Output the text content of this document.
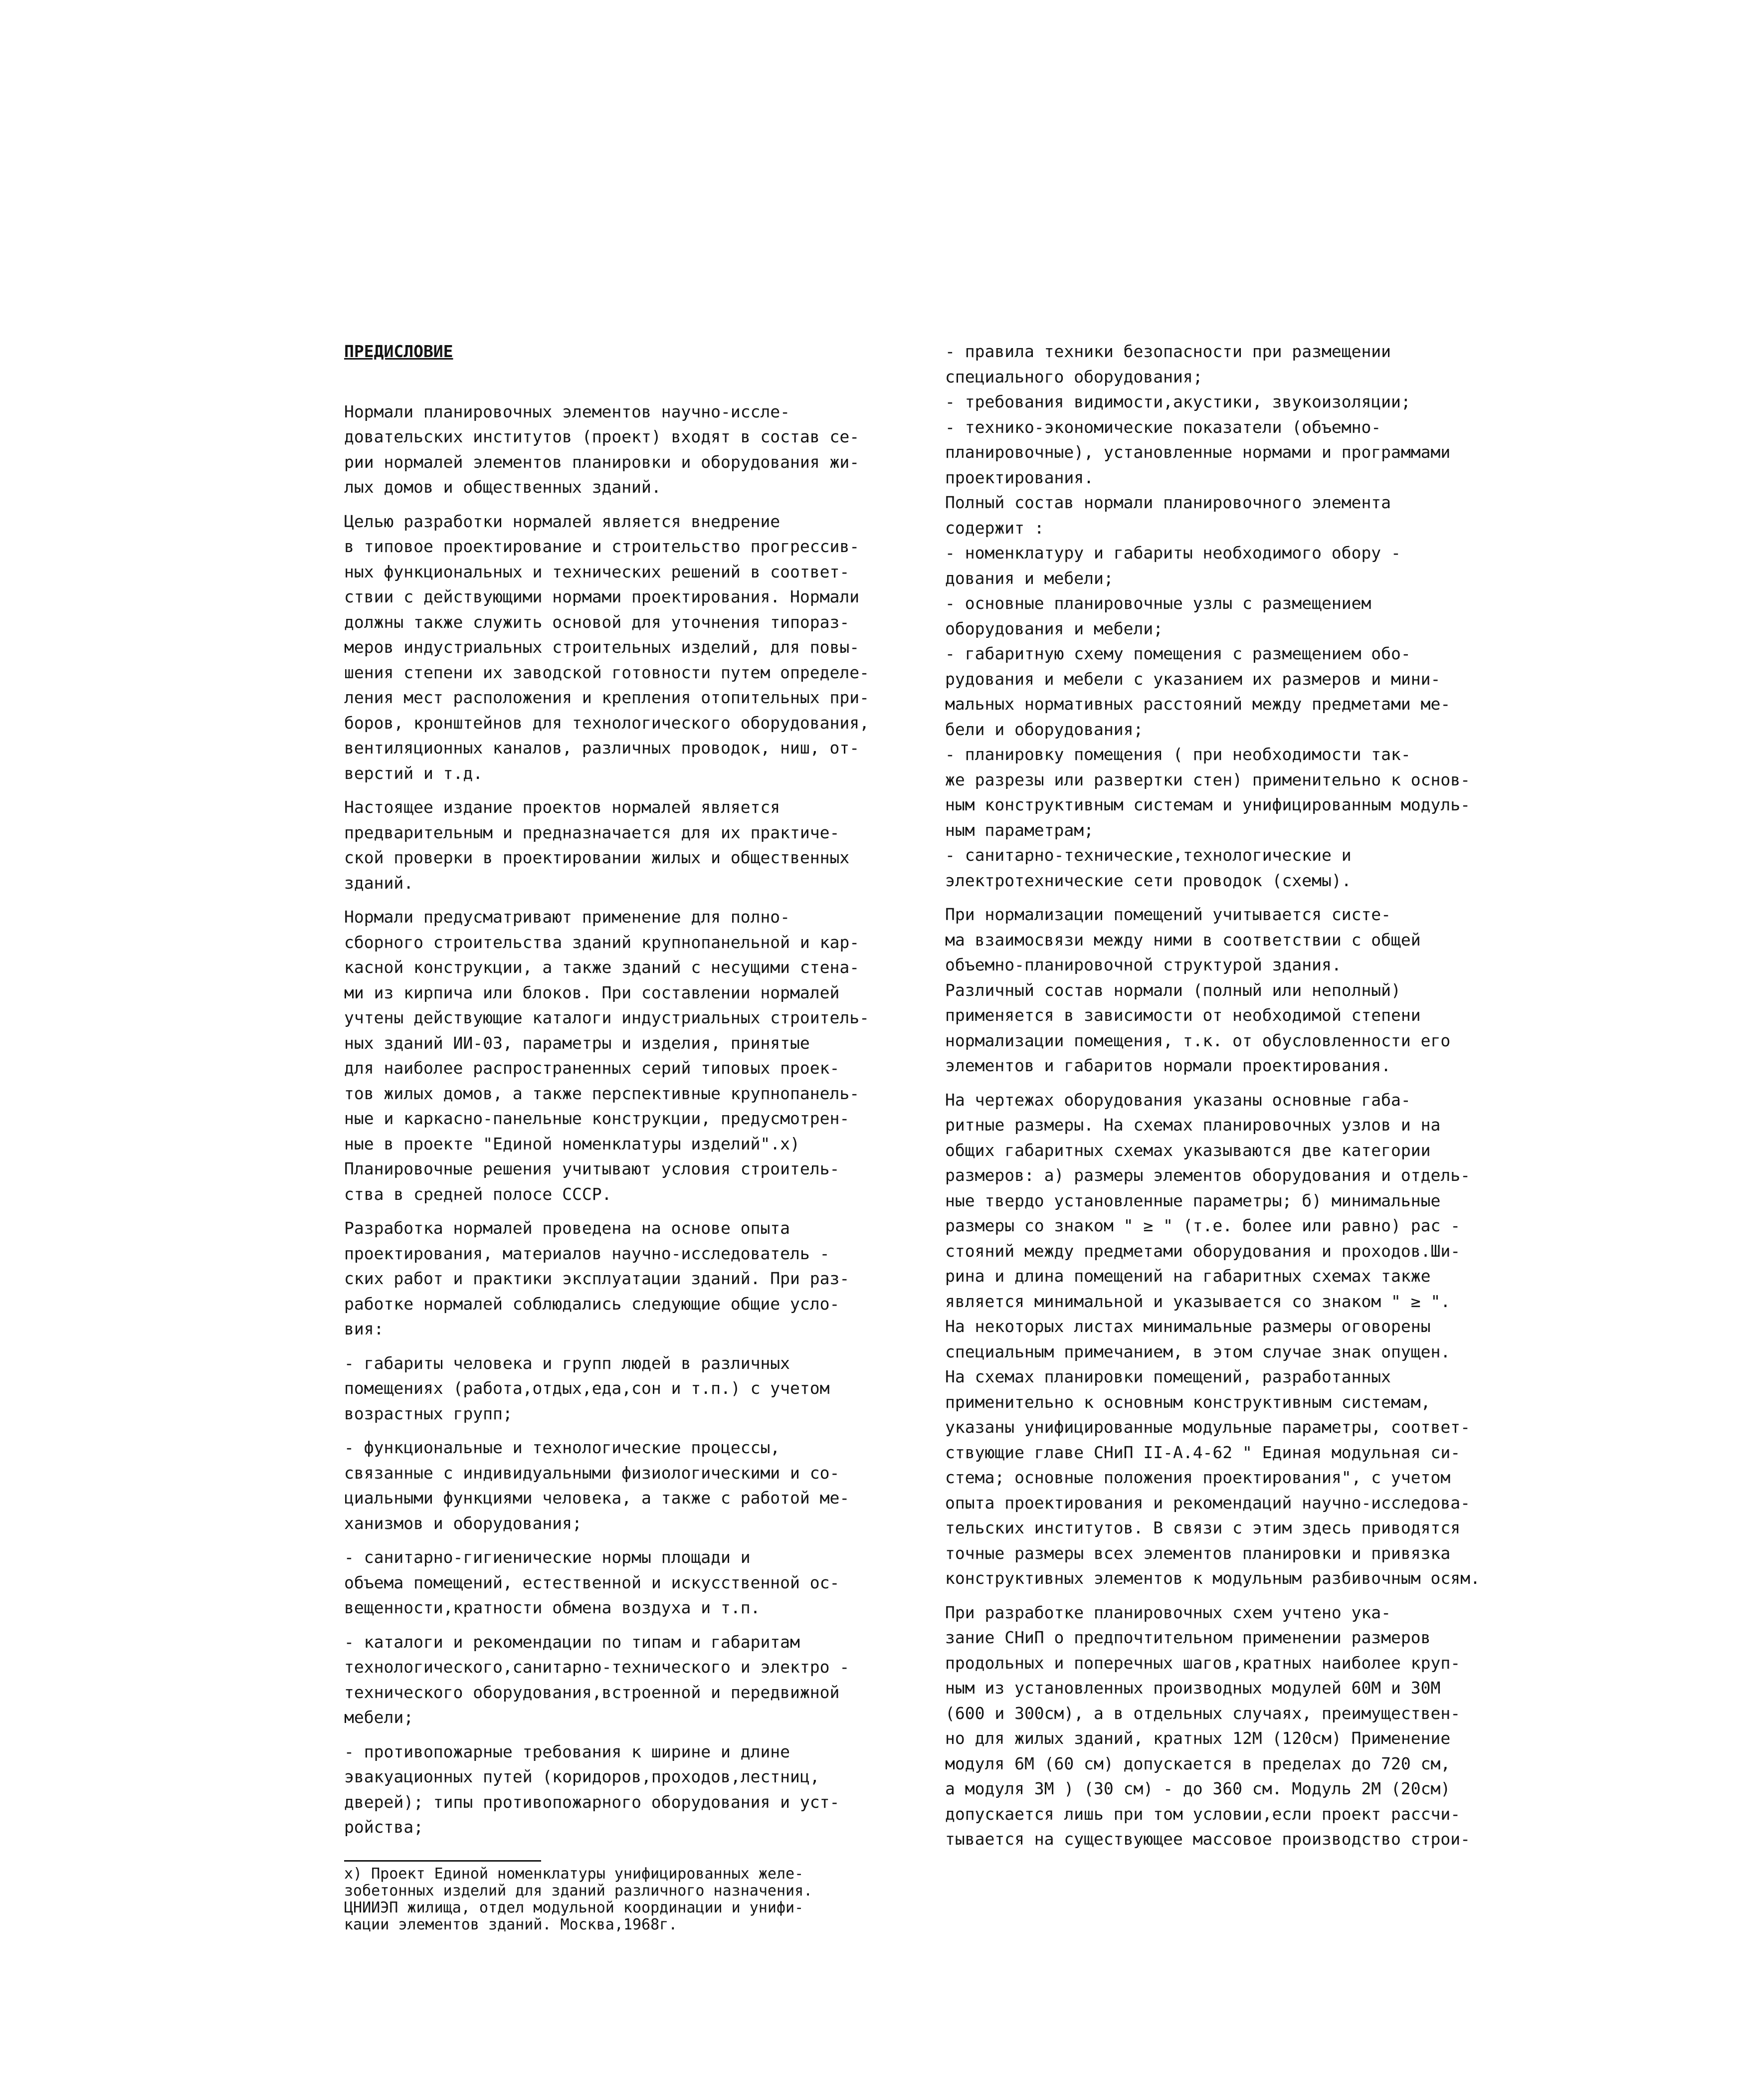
ПРЕДИСЛОВИЕ

Нормали планировочных элементов научно-иссле-
довательских институтов (проект) входят в состав се-
рии нормалей элементов планировки и оборудования жи-
лых домов и общественных зданий.

Целью разработки нормалей является внедрение
в типовое проектирование и строительство прогрессив-
ных функциональных и технических решений в соответ-
ствии с действующими нормами проектирования. Нормали
должны также служить основой для уточнения типораз-
меров индустриальных строительных изделий, для повы-
шения степени их заводской готовности путем определе-
ления мест расположения и крепления отопительных при-
боров, кронштейнов для технологического оборудования,
вентиляционных каналов, различных проводок, ниш, от-
верстий и т.д.

Настоящее издание проектов нормалей является
предварительным и предназначается для их практиче-
ской проверки в проектировании жилых и общественных
зданий.

Нормали предусматривают применение для полно-
сборного строительства зданий крупнопанельной и кар-
касной конструкции, а также зданий с несущими стена-
ми из кирпича или блоков. При составлении нормалей
учтены действующие каталоги индустриальных строитель-
ных зданий ИИ-03, параметры и изделия, принятые
для наиболее распространенных серий типовых проек-
тов жилых домов, а также перспективные крупнопанель-
ные и каркасно-панельные конструкции, предусмотрен-
ные в проекте "Единой номенклатуры изделий".x)
Планировочные решения учитывают условия строитель-
ства в средней полосе СССР.

Разработка нормалей проведена на основе опыта
проектирования, материалов научно-исследователь -
ских работ и практики эксплуатации зданий. При раз-
работке нормалей соблюдались следующие общие усло-
вия:

- габариты человека и групп людей в различных
помещениях (работа,отдых,еда,сон и т.п.) с учетом
возрастных групп;

- функциональные и технологические процессы,
связанные с индивидуальными физиологическими и со-
циальными функциями человека, а также с работой ме-
ханизмов и оборудования;

- санитарно-гигиенические нормы площади и
объема помещений, естественной и искусственной ос-
вещенности,кратности обмена воздуха и т.п.

- каталоги и рекомендации по типам и габаритам
технологического,санитарно-технического и электро -
технического оборудования,встроенной и передвижной
мебели;

- противопожарные требования к ширине и длине
эвакуационных путей (коридоров,проходов,лестниц,
дверей); типы противопожарного оборудования и уст-
ройства;

x) Проект Единой номенклатуры унифицированных желе-
зобетонных изделий для зданий различного назначения.
ЦНИИЭП жилища, отдел модульной координации и унифи-
кации элементов зданий. Москва,1968г.

- правила техники безопасности при размещении
специального оборудования;
- требования видимости,акустики, звукоизоляции;
- технико-экономические показатели (объемно-
планировочные), установленные нормами и программами
проектирования.
Полный состав нормали планировочного элемента
содержит :
- номенклатуру и габариты необходимого обору -
дования и мебели;
- основные планировочные узлы с размещением
оборудования и мебели;
- габаритную схему помещения с размещением обо-
рудования и мебели с указанием их размеров и мини-
мальных нормативных расстояний между предметами ме-
бели и оборудования;
- планировку помещения ( при необходимости так-
же разрезы или развертки стен) применительно к основ-
ным конструктивным системам и унифицированным модуль-
ным параметрам;
- санитарно-технические,технологические и
электротехнические сети проводок (схемы).

При нормализации помещений учитывается систе-
ма взаимосвязи между ними в соответствии с общей
объемно-планировочной структурой здания.
Различный состав нормали (полный или неполный)
применяется в зависимости от необходимой степени
нормализации помещения, т.к. от обусловленности его
элементов и габаритов нормали проектирования.

На чертежах оборудования указаны основные габа-
ритные размеры. На схемах планировочных узлов и на
общих габаритных схемах указываются две категории
размеров: а) размеры элементов оборудования и отдель-
ные твердо установленные параметры; б) минимальные
размеры со знаком " ≥ " (т.е. более или равно) рас -
стояний между предметами оборудования и проходов.Ши-
рина и длина помещений на габаритных схемах также
является минимальной и указывается со знаком " ≥ ".
На некоторых листах минимальные размеры оговорены
специальным примечанием, в этом случае знак опущен.
На схемах планировки помещений, разработанных
применительно к основным конструктивным системам,
указаны унифицированные модульные параметры, соответ-
ствующие главе СНиП II-А.4-62 " Единая модульная си-
стема; основные положения проектирования", с учетом
опыта проектирования и рекомендаций научно-исследова-
тельских институтов. В связи с этим здесь приводятся
точные размеры всех элементов планировки и привязка
конструктивных элементов к модульным разбивочным осям.

При разработке планировочных схем учтено ука-
зание СНиП о предпочтительном применении размеров
продольных и поперечных шагов,кратных наиболее круп-
ным из установленных производных модулей 60М и 30М
(600 и 300см), а в отдельных случаях, преимуществен-
но для жилых зданий, кратных 12М (120см) Применение
модуля 6М (60 см) допускается в пределах до 720 см,
а модуля 3М ) (30 см) - до 360 см. Модуль 2М (20см)
допускается лишь при том условии,если проект рассчи-
тывается на существующее массовое производство строи-
